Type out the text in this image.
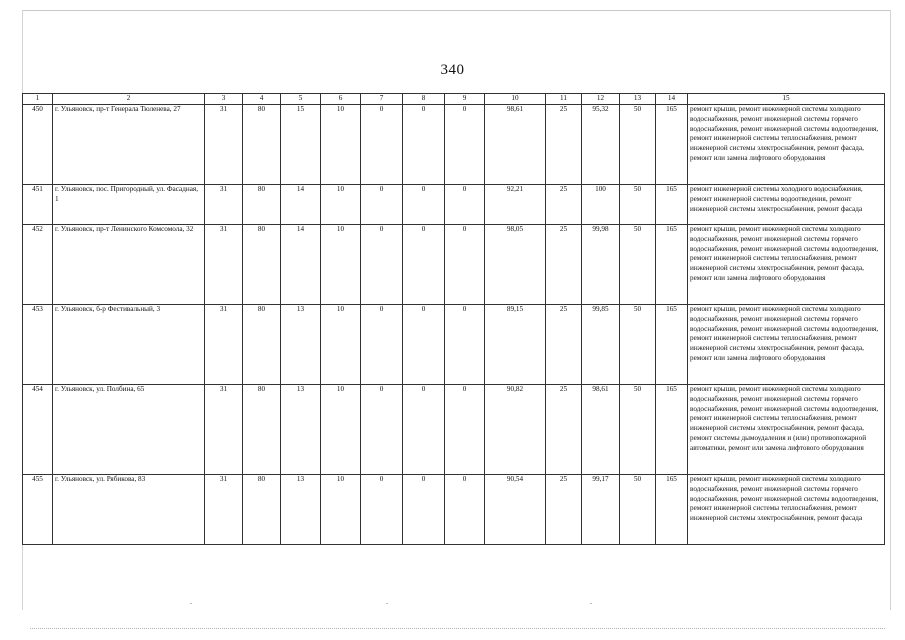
340
1	2	3	4	5	6	7	8	9	10	11	12	13	14	15
450	г. Ульяновск, пр-т Генерала Тюленева, 27	31	80	15	10	0	0	0	98,61	25	95,32	50	165	ремонт крыши, ремонт инженерной системы холодного водоснабжения, ремонт инженерной системы горячего водоснабжения, ремонт инженерной системы водоотведения, ремонт инженерной системы теплоснабжения, ремонт инженерной системы электроснабжения, ремонт фасада, ремонт или замена лифтового оборудования
451	г. Ульяновск, пос. Пригородный, ул. Фасадная, 1	31	80	14	10	0	0	0	92,21	25	100	50	165	ремонт инженерной системы холодного водоснабжения, ремонт инженерной системы водоотведения, ремонт инженерной системы электроснабжения, ремонт фасада
452	г. Ульяновск, пр-т Ленинского Комсомола, 32	31	80	14	10	0	0	0	98,05	25	99,98	50	165	ремонт крыши, ремонт инженерной системы холодного водоснабжения, ремонт инженерной системы горячего водоснабжения, ремонт инженерной системы водоотведения, ремонт инженерной системы теплоснабжения, ремонт инженерной системы электроснабжения, ремонт фасада, ремонт или замена лифтового оборудования
453	г. Ульяновск, б-р Фестивальный, 3	31	80	13	10	0	0	0	89,15	25	99,85	50	165	ремонт крыши, ремонт инженерной системы холодного водоснабжения, ремонт инженерной системы горячего водоснабжения, ремонт инженерной системы водоотведения, ремонт инженерной системы теплоснабжения, ремонт инженерной системы электроснабжения, ремонт фасада, ремонт или замена лифтового оборудования
454	г. Ульяновск, ул. Полбина, 65	31	80	13	10	0	0	0	90,82	25	98,61	50	165	ремонт крыши, ремонт инженерной системы холодного водоснабжения, ремонт инженерной системы горячего водоснабжения, ремонт инженерной системы водоотведения, ремонт инженерной системы теплоснабжения, ремонт инженерной системы электроснабжения, ремонт фасада, ремонт системы дымоудаления и (или) противопожарной автоматики, ремонт или замена лифтового оборудования
455	г. Ульяновск, ул. Рябикова, 83	31	80	13	10	0	0	0	90,54	25	99,17	50	165	ремонт крыши, ремонт инженерной системы холодного водоснабжения, ремонт инженерной системы горячего водоснабжения, ремонт инженерной системы водоотведения, ремонт инженерной системы теплоснабжения, ремонт инженерной системы электроснабжения, ремонт фасада
